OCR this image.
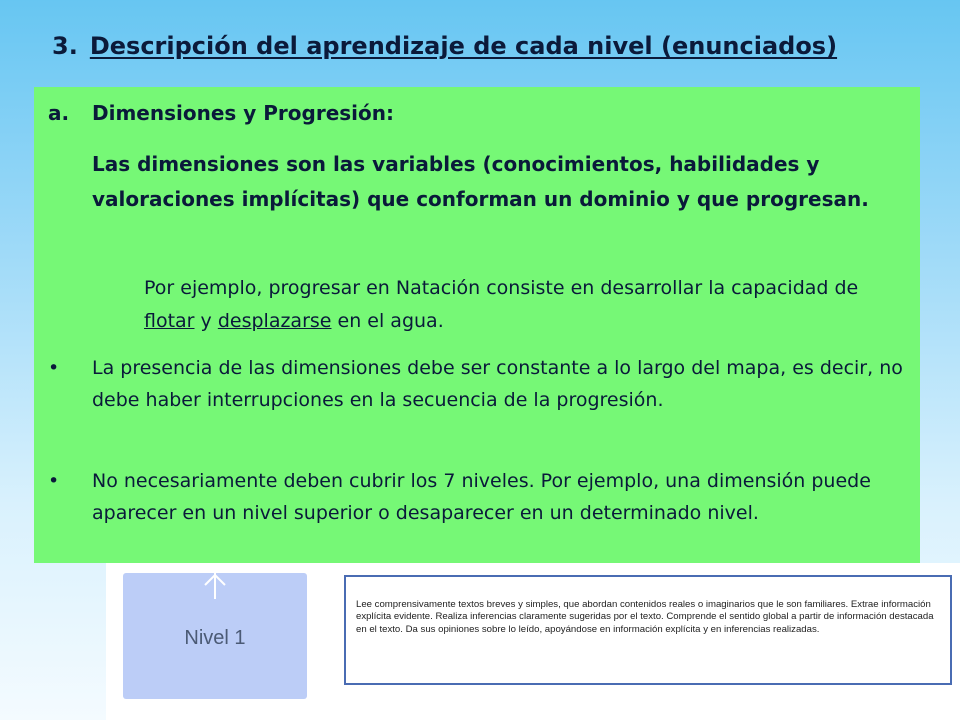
3. Descripción del aprendizaje de cada nivel (enunciados)
a. Dimensiones y Progresión:
Las dimensiones son las variables (conocimientos, habilidades y valoraciones implícitas) que conforman un dominio y que progresan.
Por ejemplo, progresar en Natación consiste en desarrollar la capacidad de flotar y desplazarse en el agua.
•	La presencia de las dimensiones debe ser constante a lo largo del mapa, es decir, no debe haber interrupciones en la secuencia de la progresión.
•	No necesariamente deben cubrir los 7 niveles. Por ejemplo, una dimensión puede aparecer en un nivel superior o desaparecer en un determinado nivel.
Nivel 1
Lee comprensivamente textos breves y simples, que abordan contenidos reales o imaginarios que le son familiares. Extrae información explícita evidente. Realiza inferencias claramente sugeridas por el texto. Comprende el sentido global a partir de información destacada en el texto. Da sus opiniones sobre lo leído, apoyándose en información explícita y en inferencias realizadas.
